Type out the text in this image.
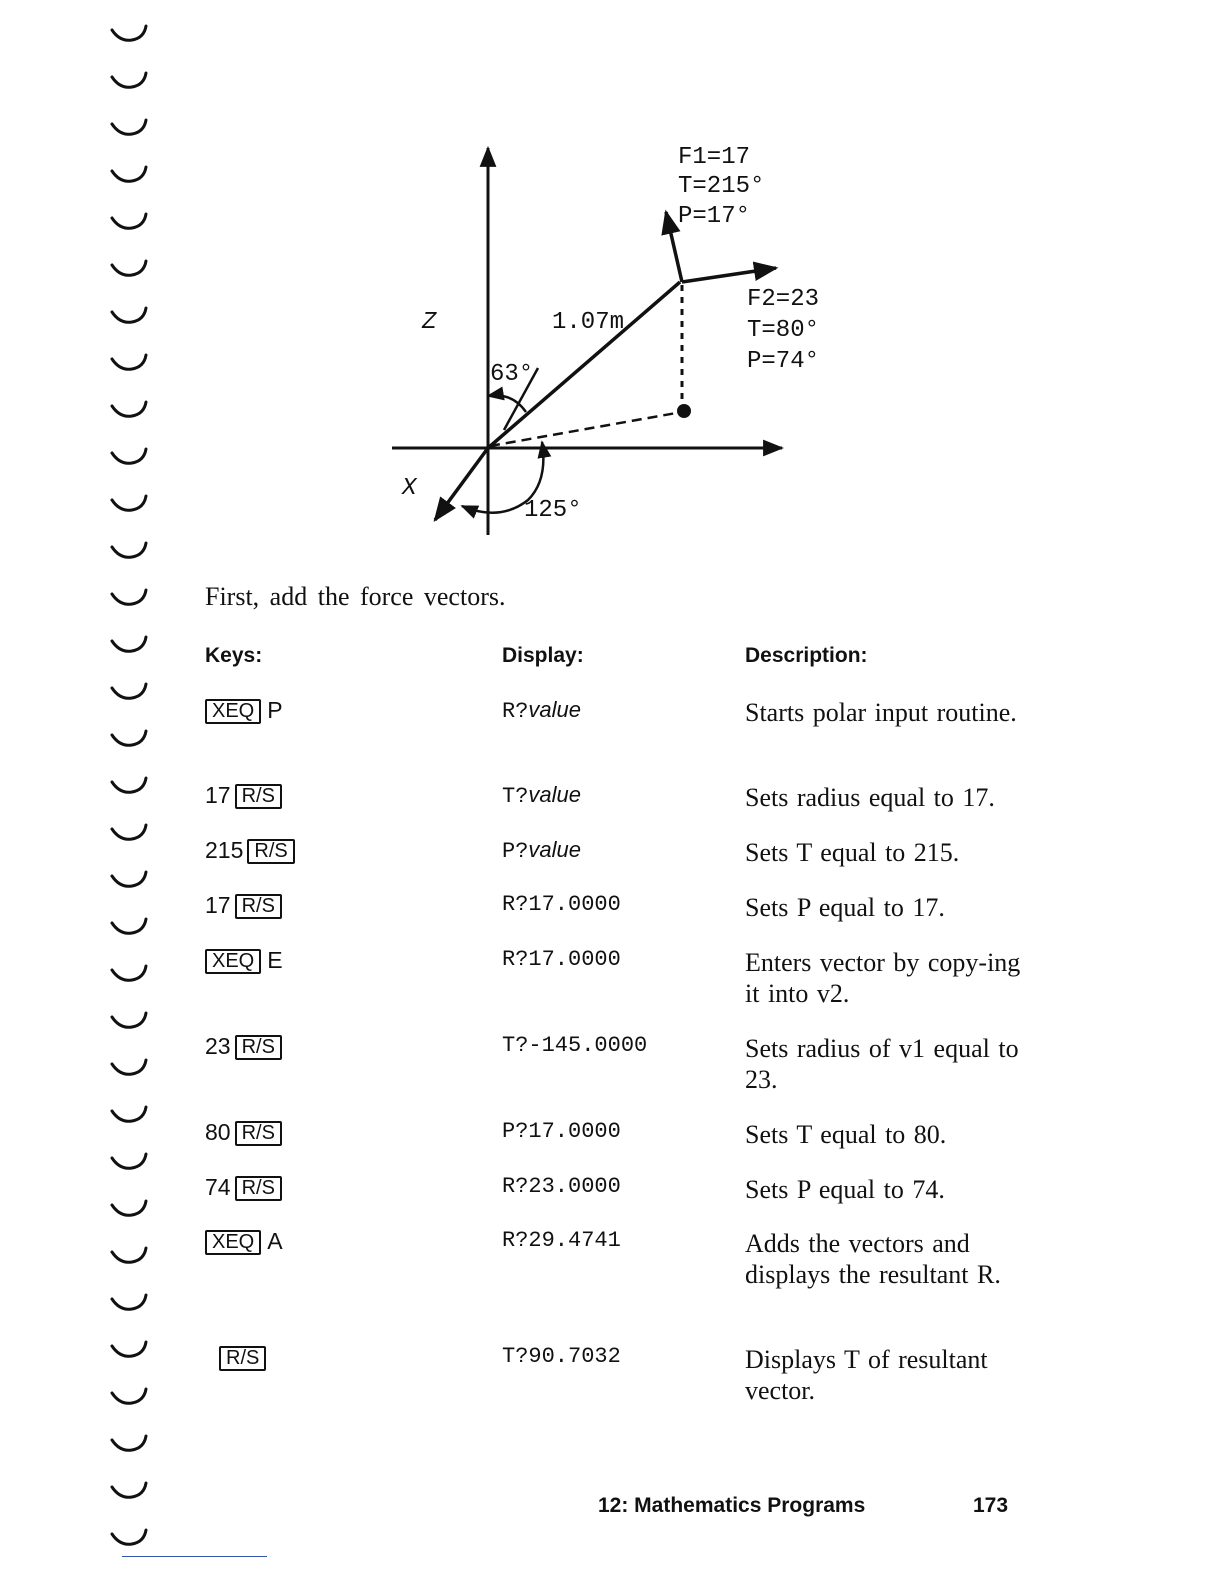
F1=17
T=215°
P=17°
F2=23
T=80°
P=74°
Z
X
1.07m
63°
125°
First, add the force vectors.
Keys:	Display:	Description:
XEQ P	R?value	Starts polar input routine.
17 R/S	T?value	Sets radius equal to 17.
215 R/S	P?value	Sets T equal to 215.
17 R/S	R?17.0000	Sets P equal to 17.
XEQ E	R?17.0000	Enters vector by copy-ing it into v2.
23 R/S	T?-145.0000	Sets radius of v1 equal to 23.
80 R/S	P?17.0000	Sets T equal to 80.
74 R/S	R?23.0000	Sets P equal to 74.
XEQ A	R?29.4741	Adds the vectors and displays the resultant R.
R/S	T?90.7032	Displays T of resultant vector.
12: Mathematics Programs	173
